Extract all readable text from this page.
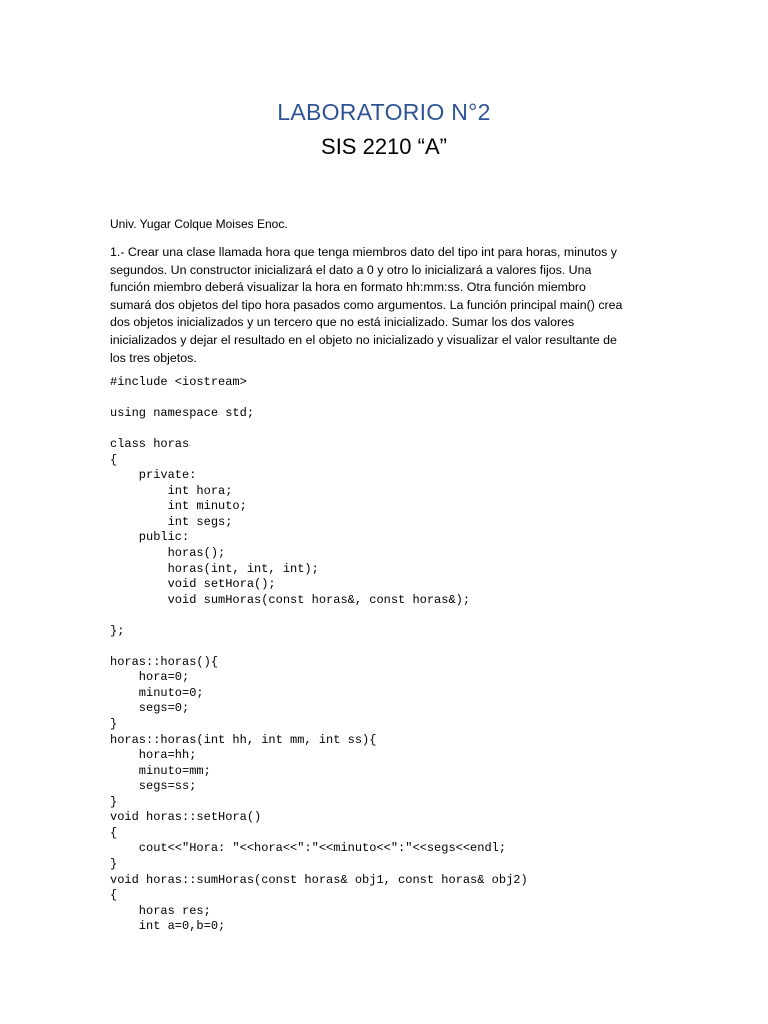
LABORATORIO N°2
SIS 2210 “A”
Univ. Yugar Colque Moises Enoc.
1.- Crear una clase llamada hora que tenga miembros dato del tipo int para horas, minutos y
segundos. Un constructor inicializará el dato a 0 y otro lo inicializará a valores fijos. Una
función miembro deberá visualizar la hora en formato hh:mm:ss. Otra función miembro
sumará dos objetos del tipo hora pasados como argumentos. La función principal main() crea
dos objetos inicializados y un tercero que no está inicializado. Sumar los dos valores
inicializados y dejar el resultado en el objeto no inicializado y visualizar el valor resultante de
los tres objetos.
#include <iostream>
using namespace std;
class horas
{
private:
int hora;
int minuto;
int segs;
public:
horas();
horas(int, int, int);
void setHora();
void sumHoras(const horas&, const horas&);
};
horas::horas(){
hora=0;
minuto=0;
segs=0;
}
horas::horas(int hh, int mm, int ss){
hora=hh;
minuto=mm;
segs=ss;
}
void horas::setHora()
{
cout<<"Hora: "<<hora<<":"<<minuto<<":"<<segs<<endl;
}
void horas::sumHoras(const horas& obj1, const horas& obj2)
{
horas res;
int a=0,b=0;
